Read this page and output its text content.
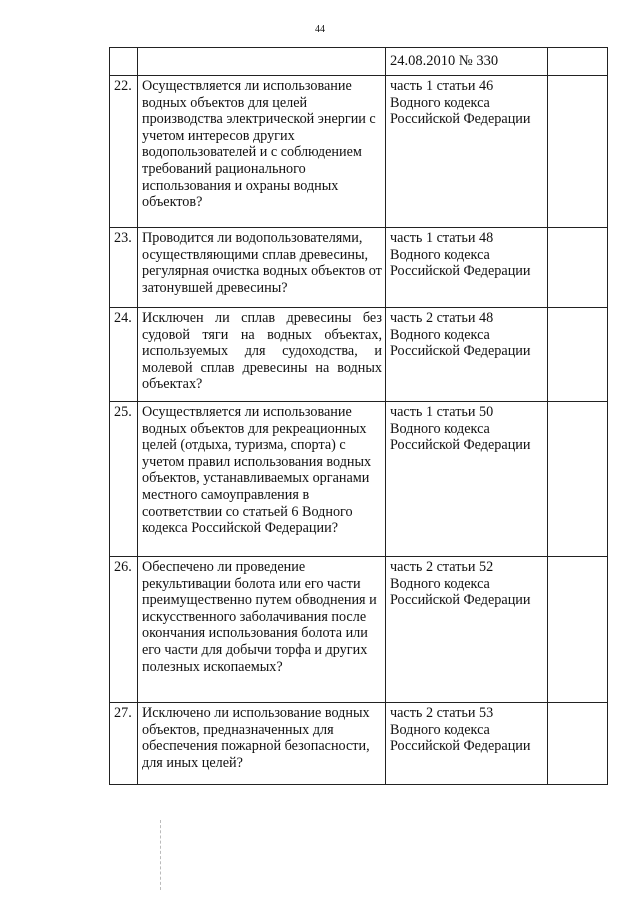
44
		24.08.2010 № 330	
22.	Осуществляется ли использование водных объектов для целей производства электрической энергии с учетом интересов других водопользователей и с соблюдением требований рационального использования и охраны водных объектов?	часть 1 статьи 46 Водного кодекса Российской Федерации	
23.	Проводится ли водопользователями, осуществляющими сплав древесины, регулярная очистка водных объектов от затонувшей древесины?	часть 1 статьи 48 Водного кодекса Российской Федерации	
24.	Исключен ли сплав древесины без судовой тяги на водных объектах, используемых для судоходства, и молевой сплав древесины на водных объектах?	часть 2 статьи 48 Водного кодекса Российской Федерации	
25.	Осуществляется ли использование водных объектов для рекреационных целей (отдыха, туризма, спорта) с учетом правил использования водных объектов, устанавливаемых органами местного самоуправления в соответствии со статьей 6 Водного кодекса Российской Федерации?	часть 1 статьи 50 Водного кодекса Российской Федерации	
26.	Обеспечено ли проведение рекультивации болота или его части преимущественно путем обводнения и искусственного заболачивания после окончания использования болота или его части для добычи торфа и других полезных ископаемых?	часть 2 статьи 52 Водного кодекса Российской Федерации	
27.	Исключено ли использование водных объектов, предназначенных для обеспечения пожарной безопасности, для иных целей?	часть 2 статьи 53 Водного кодекса Российской Федерации	
